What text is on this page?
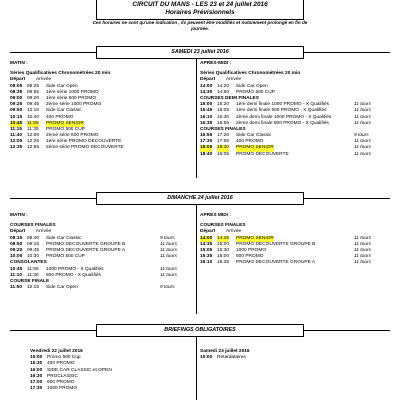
CIRCUIT DU MANS - LES 23 et 24 juillet 2016
Horaires Prévisionnels
Ces horaires ne sont qu'une indication , ils peuvent être modifiés et notamment prolongé en fin de
journée.
SAMEDI 23 juillet 2016
MATIN :
Séries Qualificatives Chronométrées 20 min
Départ Arrivée
08:05 08:25 Side Car Open
08:35 08:55 1ère série 1000 PROMO
09:00 09:20 1ère série 600 PROMO
09:25 09:45 2ème série 1000 PROMO
09:50 10:10 Side Car Classic
10:15 10:40 400 PROMO
10:45 11:05 PROMO SENIOR
11:15 11:35 PROMO 500 CUP
11:40 12:00 2ème série 600 PROMO
12:05 12:25 1ère série PROMO DECOUVERTE
12:35 12:55 2ème série PROMO DECOUVERTE
APRES-MIDI :
Séries Qualificatives Chronométrées 20 min
Départ Arrivée
14:00 14:20 Side Car Open
14:30 14:50 PROMO 500 CUP
COURSES DEMI FINALES
15:00 15:20 1ère demi finale 1000 PROMO - X Qualifiés	11 tours
15:45 16:05 1ère demi finale 600 PROMO - X Qualifiés	11 tours
16:10 16:30 2ème demi finale 1000 PROMO - X Qualifiés	11 tours
16:35 16:55 2ème demi finale 600 PROMO - X Qualifiés	11 tours
COURSES FINALES
16:55 17:20 Side Car Classic	9 tours
17:30 17:55 400 PROMO	11 tours
18:05 18:30 PROMO SENIOR	11 tours
18:40 19:05 PROMO DECOUVERTE	11 tours
DIMANCHE 24 juillet 2016
MATIN :
COURSES FINALES
Départ Arrivée
08:15 08:40 Side Car Classic	9 tours
08:50 09:15 PROMO DECOUVERTE GROUPE B	11 tours
09:20 09:45 PROMO DECOUVERTE GROUPE A	11 tours
10:05 10:30 PROMO 500 CUP	11 tours
CONSOLANTES
10:45 11:05 1000 PROMO - X Qualifiés	11 tours
11:10 11:30 600 PROMO - X Qualifiés	11 tours
COURSE FINALE
11:50 12:15 Side Car Open	9 tours
APRES MIDI :
COURSES FINALES
Départ Arrivée
14:00 14:25 PROMO SENIOR	11 tours
14:35 15:00 PROMO DECOUVERTE GROUPE B	11 tours
15:05 15:30 1000 PROMO	11 tours
15:35 16:00 600 PROMO	11 tours
16:10 16:35 PROMO DECOUVERTE GROUPE A	11 tours
BRIEFINGS OBLIGATOIRES
Vendredi 22 juillet 2016
15:00 Promo 500 Cup
15:30 400 PROMO
16:00 SIDE CAR CLASSIC et OPEN
16:30 PROCLASSIC
17:00 600 PROMO
17:30 1000 PROMO
Samedi 23 juillet 2016
10:00 Retardataires
